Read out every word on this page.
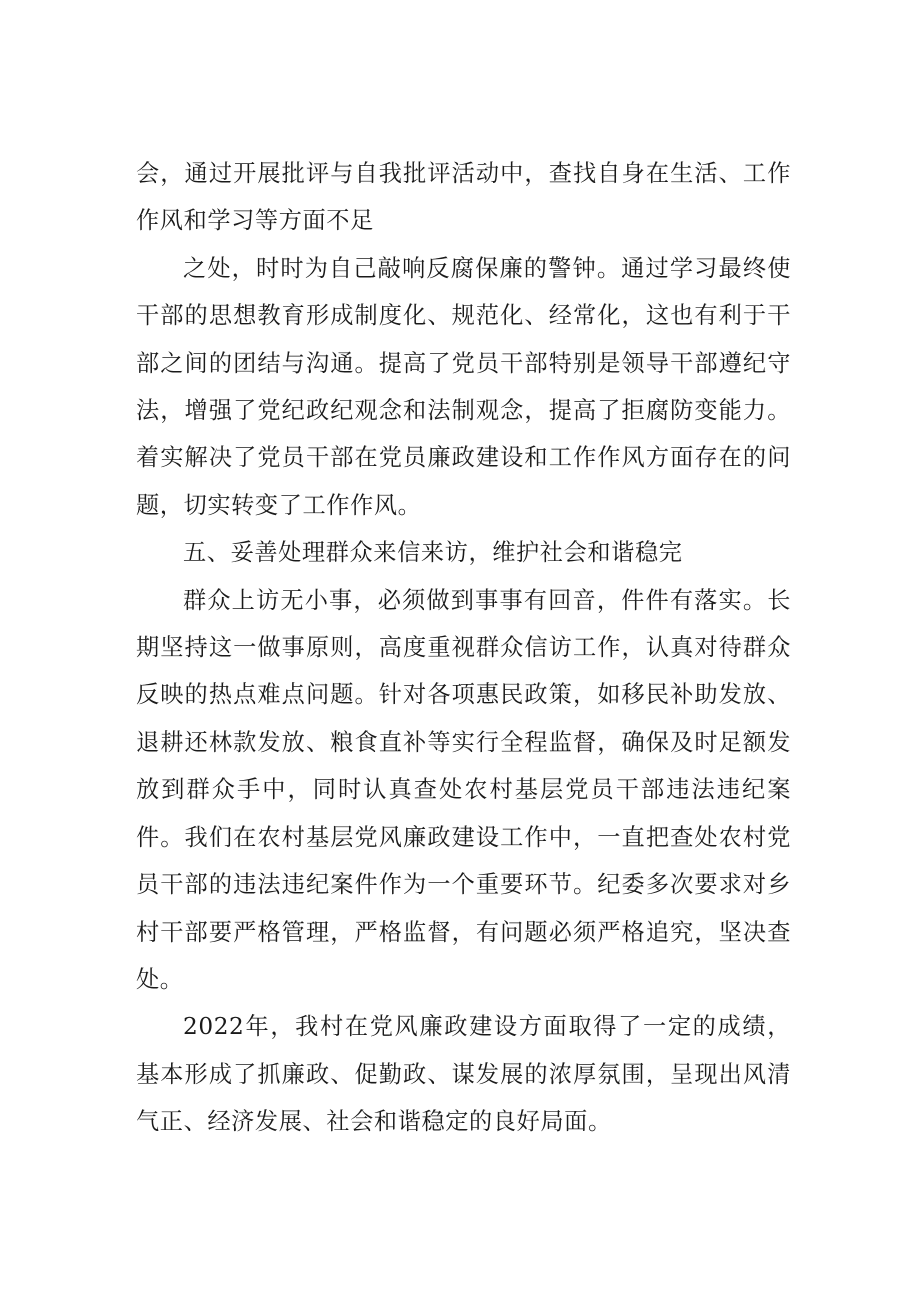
会，通过开展批评与自我批评活动中，查找自身在生活、工作作风和学习等方面不足

之处，时时为自己敲响反腐保廉的警钟。通过学习最终使干部的思想教育形成制度化、规范化、经常化，这也有利于干部之间的团结与沟通。提高了党员干部特别是领导干部遵纪守法，增强了党纪政纪观念和法制观念，提高了拒腐防变能力。着实解决了党员干部在党员廉政建设和工作作风方面存在的问题，切实转变了工作作风。

五、妥善处理群众来信来访，维护社会和谐稳完

群众上访无小事，必须做到事事有回音，件件有落实。长期坚持这一做事原则，高度重视群众信访工作，认真对待群众反映的热点难点问题。针对各项惠民政策，如移民补助发放、退耕还林款发放、粮食直补等实行全程监督，确保及时足额发放到群众手中，同时认真查处农村基层党员干部违法违纪案件。我们在农村基层党风廉政建设工作中，一直把查处农村党员干部的违法违纪案件作为一个重要环节。纪委多次要求对乡村干部要严格管理，严格监督，有问题必须严格追究，坚决查处。

2022年，我村在党风廉政建设方面取得了一定的成绩，基本形成了抓廉政、促勤政、谋发展的浓厚氛围，呈现出风清气正、经济发展、社会和谐稳定的良好局面。
